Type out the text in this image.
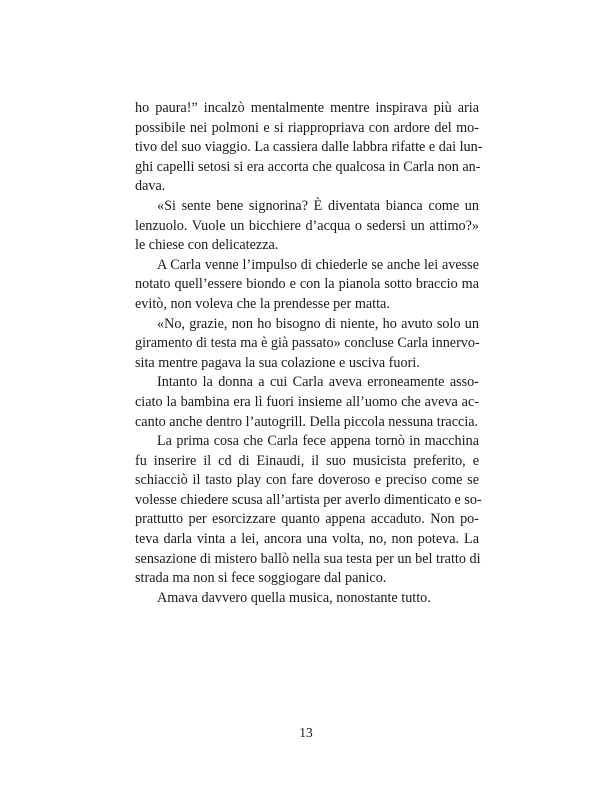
ho paura!” incalzò mentalmente mentre inspirava più aria
possibile nei polmoni e si riappropriava con ardore del mo-
tivo del suo viaggio. La cassiera dalle labbra rifatte e dai lun-
ghi capelli setosi si era accorta che qualcosa in Carla non an-
dava.
«Si sente bene signorina? È diventata bianca come un
lenzuolo. Vuole un bicchiere d’acqua o sedersi un attimo?»
le chiese con delicatezza.
A Carla venne l’impulso di chiederle se anche lei avesse
notato quell’essere biondo e con la pianola sotto braccio ma
evitò, non voleva che la prendesse per matta.
«No, grazie, non ho bisogno di niente, ho avuto solo un
giramento di testa ma è già passato» concluse Carla innervo-
sita mentre pagava la sua colazione e usciva fuori.
Intanto la donna a cui Carla aveva erroneamente asso-
ciato la bambina era lì fuori insieme all’uomo che aveva ac-
canto anche dentro l’autogrill. Della piccola nessuna traccia.
La prima cosa che Carla fece appena tornò in macchina
fu inserire il cd di Einaudi, il suo musicista preferito, e
schiacciò il tasto play con fare doveroso e preciso come se
volesse chiedere scusa all’artista per averlo dimenticato e so-
prattutto per esorcizzare quanto appena accaduto. Non po-
teva darla vinta a lei, ancora una volta, no, non poteva. La
sensazione di mistero ballò nella sua testa per un bel tratto di
strada ma non si fece soggiogare dal panico.
Amava davvero quella musica, nonostante tutto.
13
